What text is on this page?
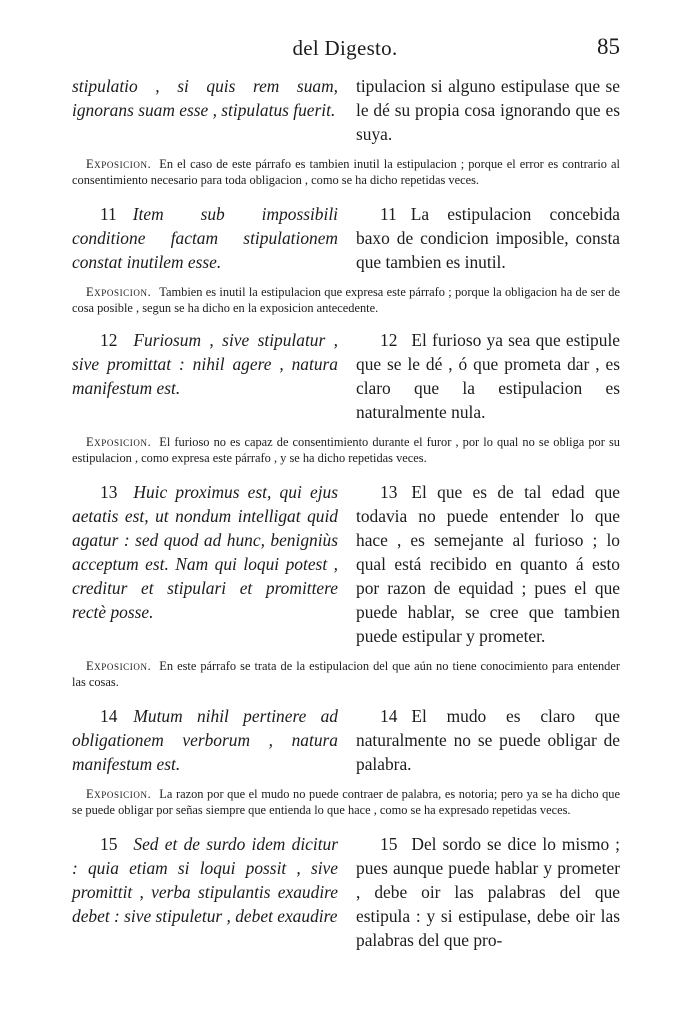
del Digesto.	85
stipulatio , si quis rem suam, ignorans suam esse , stipulatus fuerit.
tipulacion si alguno estipulase que se le dé su propia cosa ignorando que es suya.
Exposicion. En el caso de este párrafo es tambien inutil la estipulacion ; porque el error es contrario al consentimiento necesario para toda obligacion , como se ha dicho repetidas veces.
11 Item sub impossibili conditione factam stipulationem constat inutilem esse.
11 La estipulacion concebida baxo de condicion imposible, consta que tambien es inutil.
Exposicion. Tambien es inutil la estipulacion que expresa este párrafo ; porque la obligacion ha de ser de cosa posible , segun se ha dicho en la exposicion antecedente.
12 Furiosum , sive stipulatur , sive promittat : nihil agere , natura manifestum est.
12 El furioso ya sea que estipule que se le dé , ó que prometa dar , es claro que la estipulacion es naturalmente nula.
Exposicion. El furioso no es capaz de consentimiento durante el furor , por lo qual no se obliga por su estipulacion , como expresa este párrafo , y se ha dicho repetidas veces.
13 Huic proximus est, qui ejus aetatis est, ut nondum intelligat quid agatur : sed quod ad hunc, benigniùs acceptum est. Nam qui loqui potest , creditur et stipulari et promittere rectè posse.
13 El que es de tal edad que todavia no puede entender lo que hace , es semejante al furioso ; lo qual está recibido en quanto á esto por razon de equidad ; pues el que puede hablar, se cree que tambien puede estipular y prometer.
Exposicion. En este párrafo se trata de la estipulacion del que aún no tiene conocimiento para entender las cosas.
14 Mutum nihil pertinere ad obligationem verborum , natura manifestum est.
14 El mudo es claro que naturalmente no se puede obligar de palabra.
Exposicion. La razon por que el mudo no puede contraer de palabra, es notoria; pero ya se ha dicho que se puede obligar por señas siempre que entienda lo que hace , como se ha expresado repetidas veces.
15 Sed et de surdo idem dicitur : quia etiam si loqui possit , sive promittit , verba stipulantis exaudire debet : sive stipuletur , debet exaudire
15 Del sordo se dice lo mismo ; pues aunque puede hablar y prometer , debe oir las palabras del que estipula : y si estipulase, debe oir las palabras del que pro-
